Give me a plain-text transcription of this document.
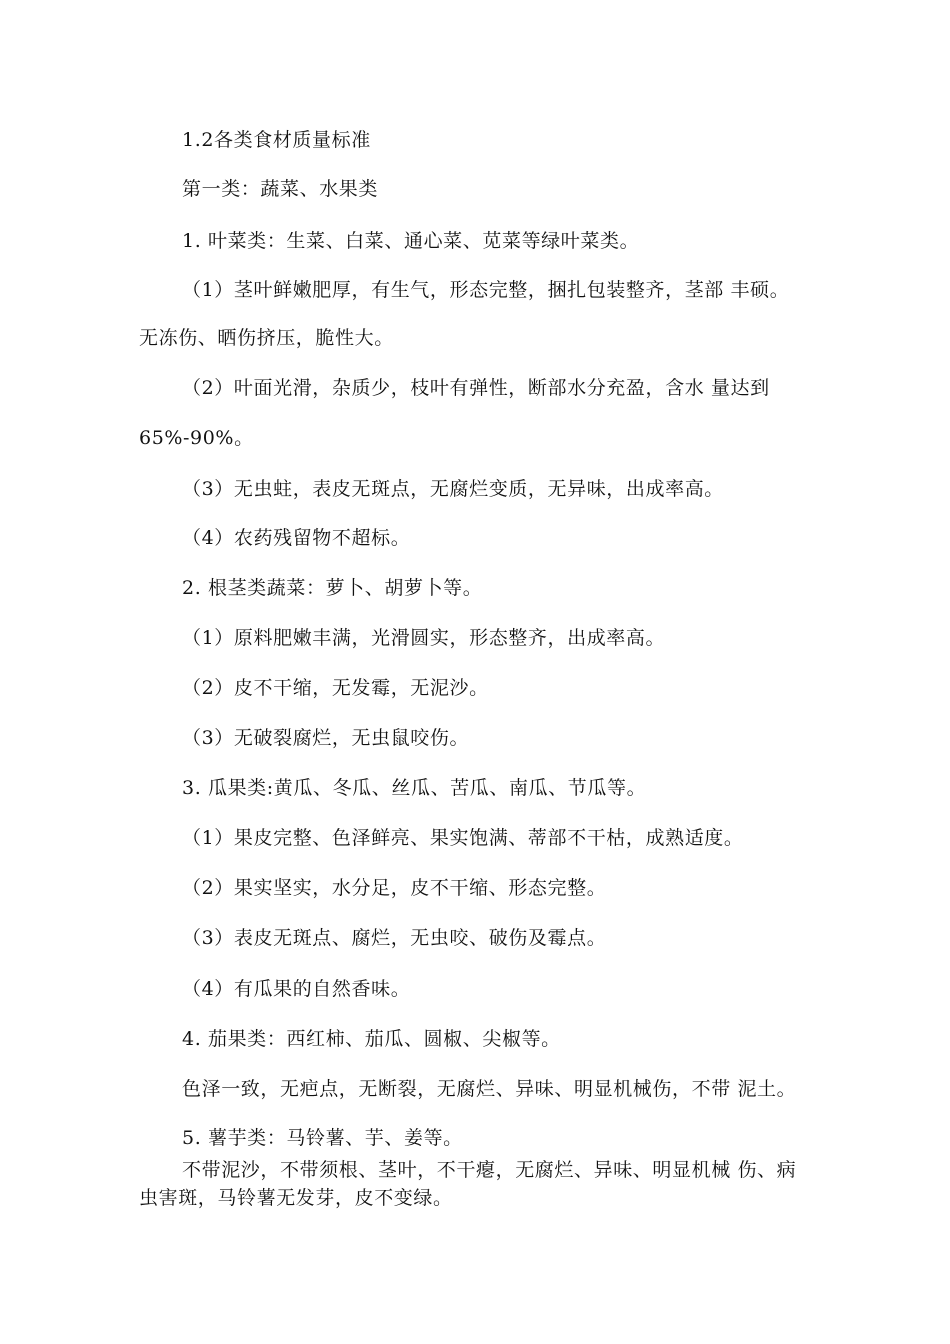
1.2各类食材质量标准
第一类：蔬菜、水果类
1. 叶菜类：生菜、白菜、通心菜、苋菜等绿叶菜类。
（1）茎叶鲜嫩肥厚，有生气，形态完整，捆扎包装整齐，茎部 丰硕。
无冻伤、晒伤挤压，脆性大。
（2）叶面光滑，杂质少，枝叶有弹性，断部水分充盈，含水 量达到
65%-90%。
（3）无虫蛀，表皮无斑点，无腐烂变质，无异味，出成率高。
（4）农药残留物不超标。
2. 根茎类蔬菜：萝卜、胡萝卜等。
（1）原料肥嫩丰满，光滑圆实，形态整齐，出成率高。
（2）皮不干缩，无发霉，无泥沙。
（3）无破裂腐烂，无虫鼠咬伤。
3. 瓜果类:黄瓜、冬瓜、丝瓜、苦瓜、南瓜、节瓜等。
（1）果皮完整、色泽鲜亮、果实饱满、蒂部不干枯，成熟适度。
（2）果实坚实，水分足，皮不干缩、形态完整。
（3）表皮无斑点、腐烂，无虫咬、破伤及霉点。
（4）有瓜果的自然香味。
4. 茄果类：西红柿、茄瓜、圆椒、尖椒等。
色泽一致，无疤点，无断裂，无腐烂、异味、明显机械伤，不带 泥土。
5. 薯芋类：马铃薯、芋、姜等。
不带泥沙，不带须根、茎叶，不干瘪，无腐烂、异味、明显机械 伤、病
虫害斑，马铃薯无发芽，皮不变绿。
